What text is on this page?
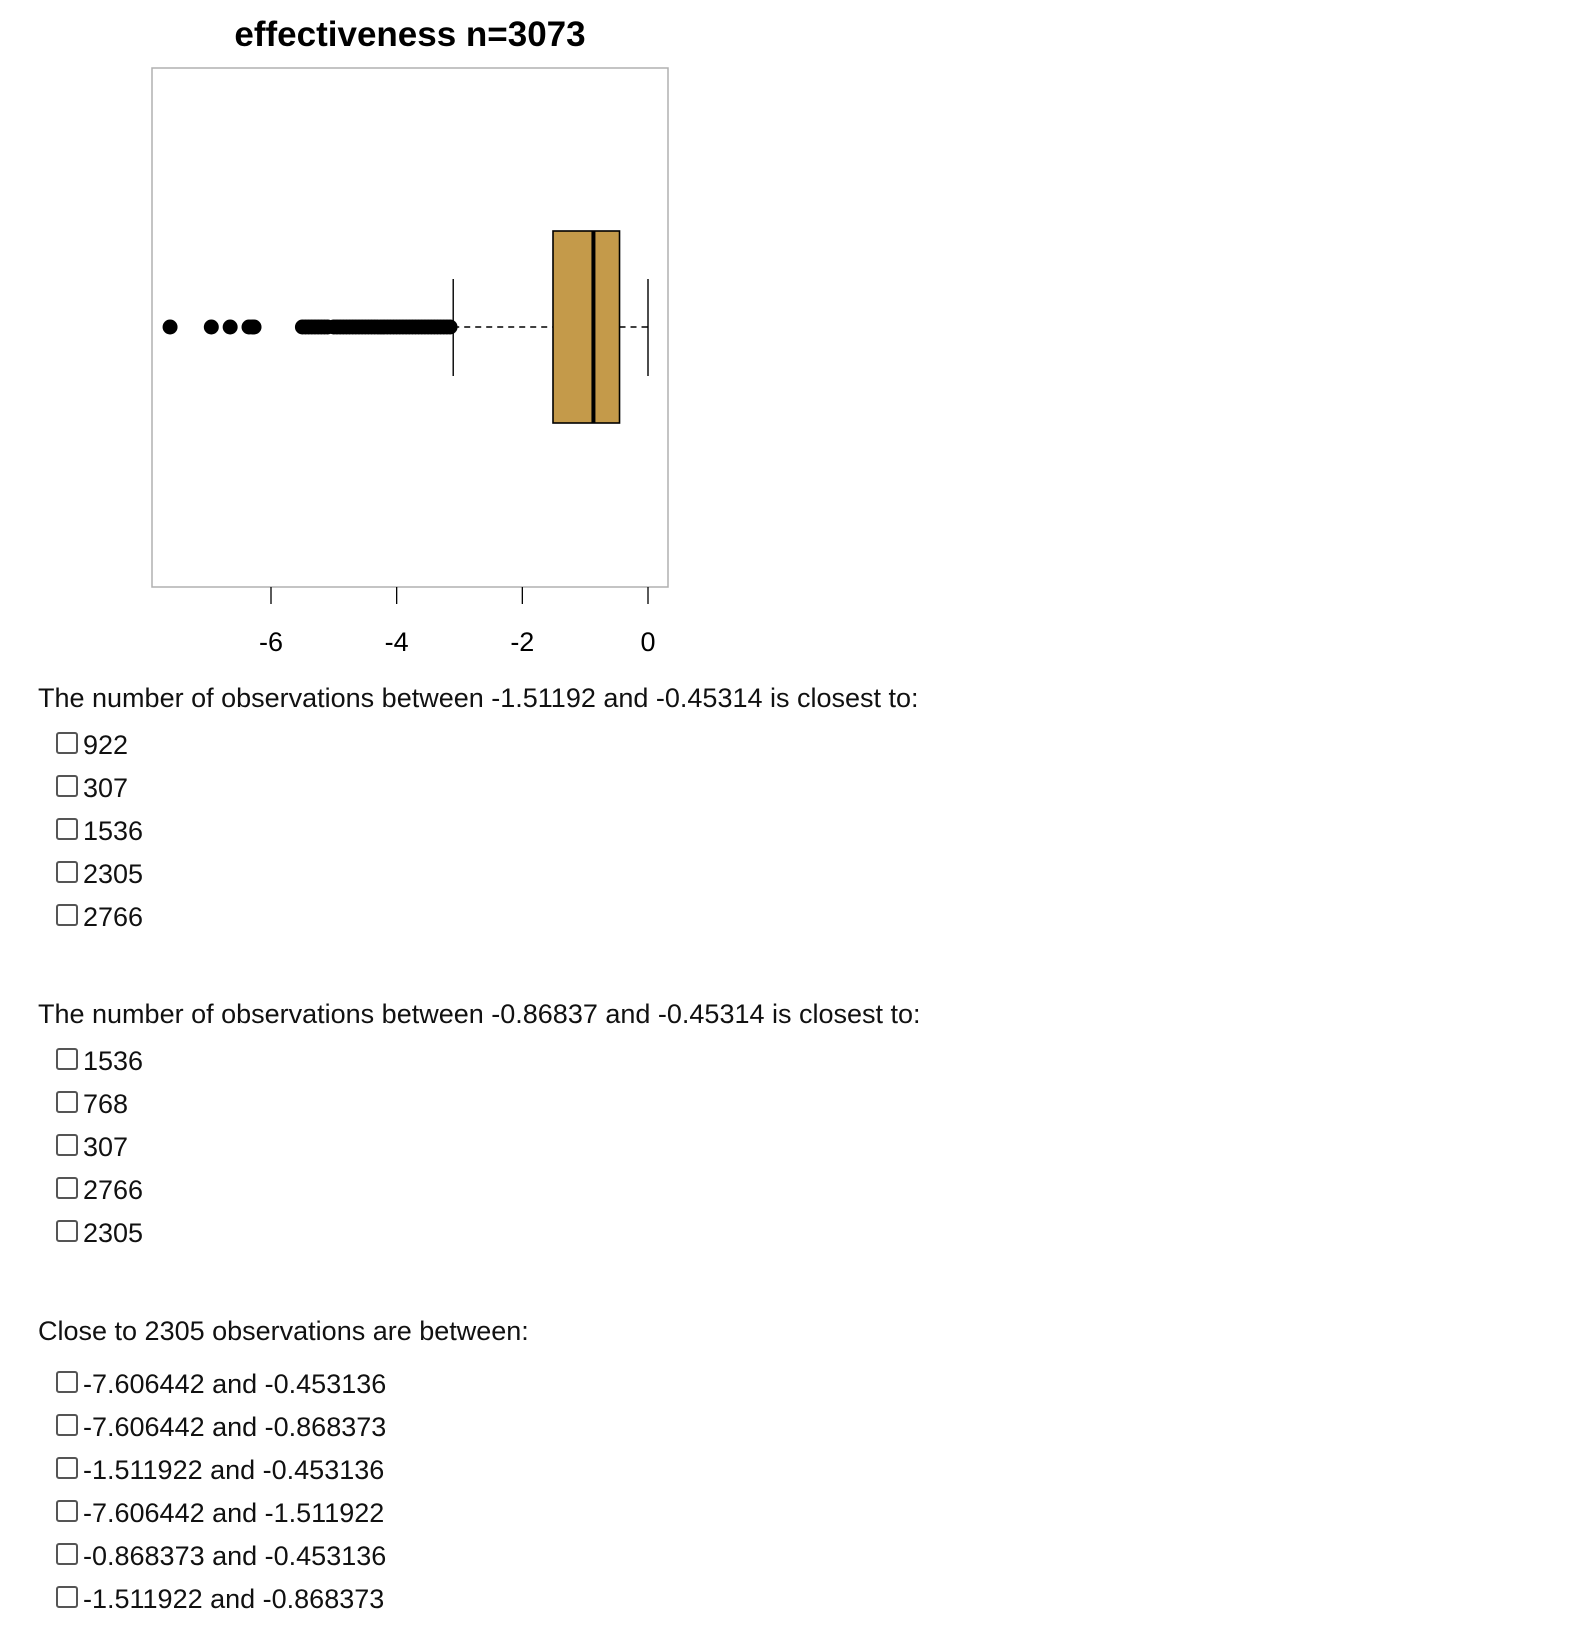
effectiveness n=3073
-6	-4	-2	0
The number of observations between -1.51192 and -0.45314 is closest to:
922
307
1536
2305
2766
The number of observations between -0.86837 and -0.45314 is closest to:
1536
768
307
2766
2305
Close to 2305 observations are between:
-7.606442 and -0.453136
-7.606442 and -0.868373
-1.511922 and -0.453136
-7.606442 and -1.511922
-0.868373 and -0.453136
-1.511922 and -0.868373
